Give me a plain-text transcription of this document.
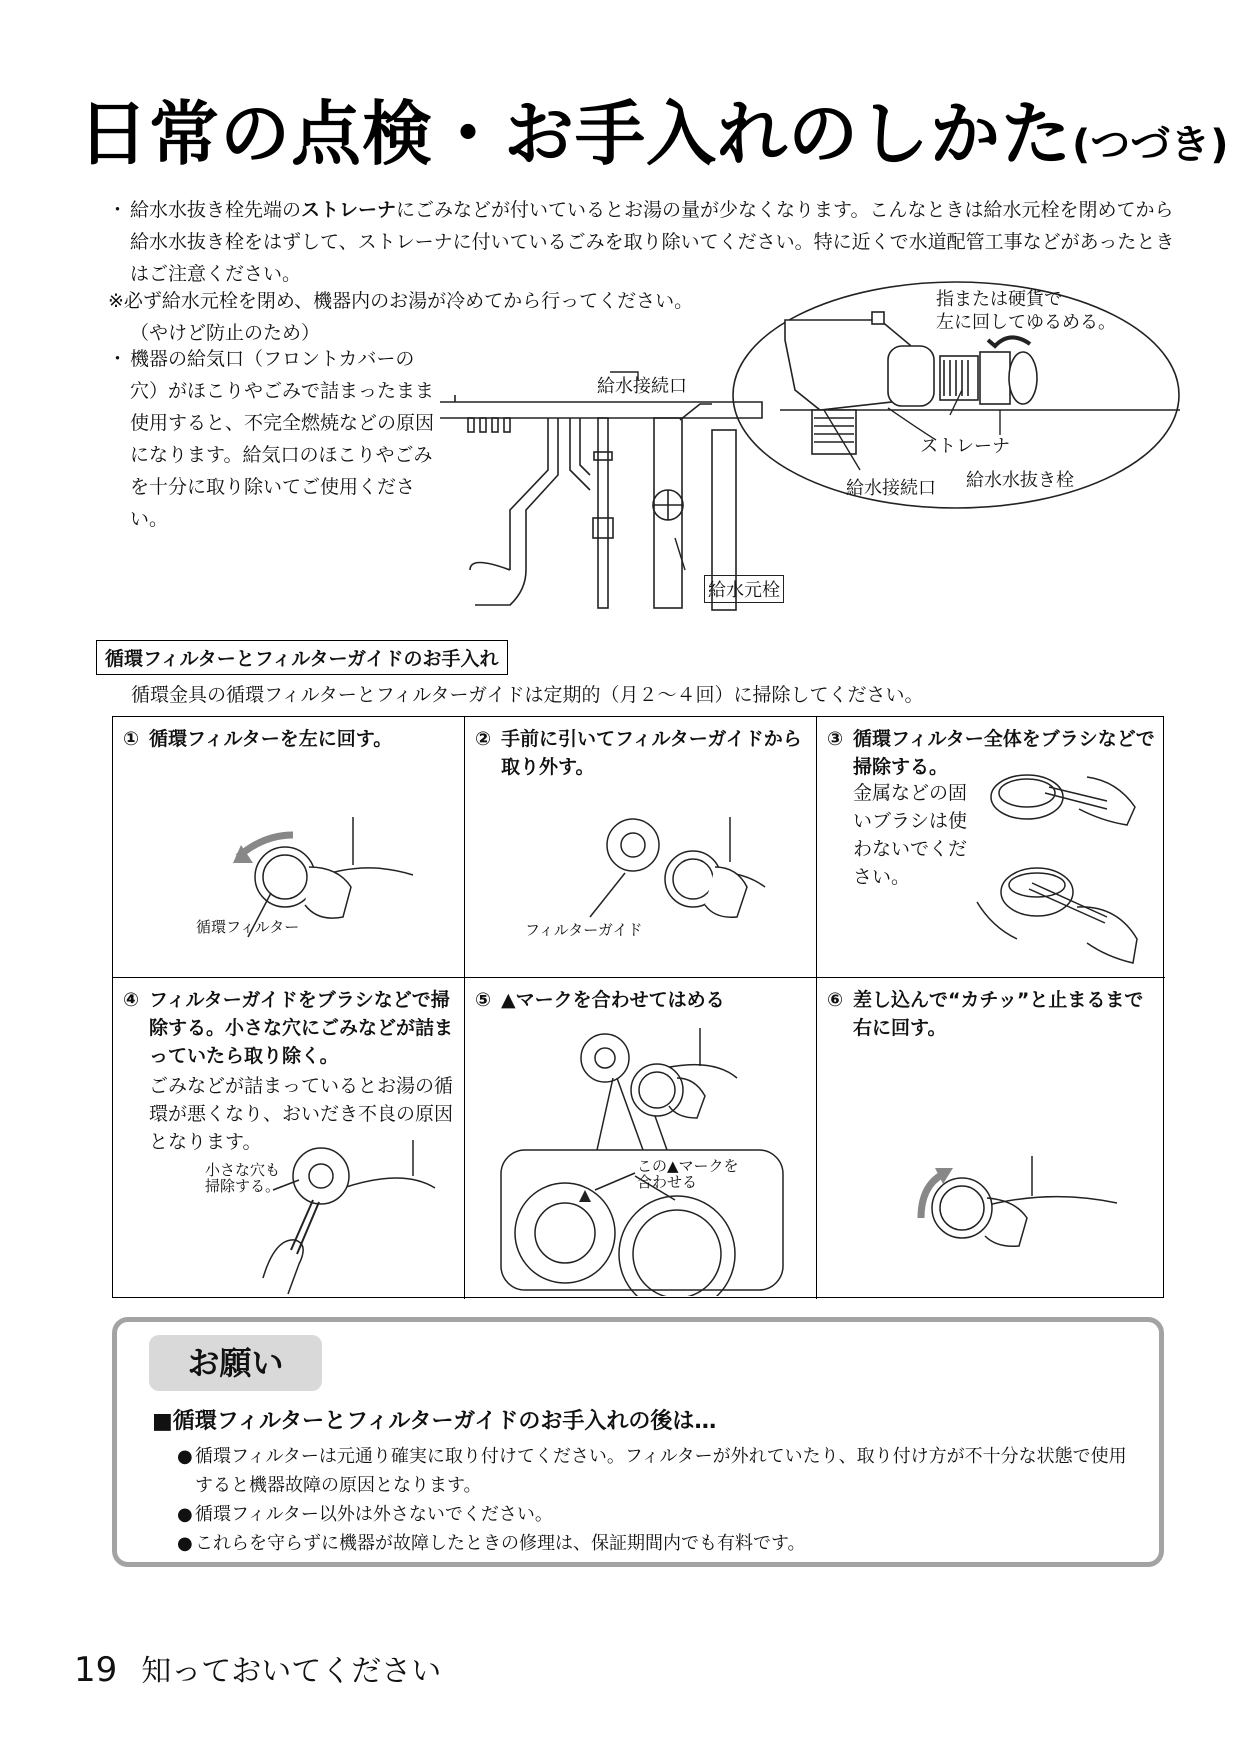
日常の点検・お手入れのしかた(つづき)
・ 給水水抜き栓先端のストレーナにごみなどが付いているとお湯の量が少なくなります。こんなときは給水元栓を閉めてから給水水抜き栓をはずして、ストレーナに付いているごみを取り除いてください。特に近くで水道配管工事などがあったときはご注意ください。
※必ず給水元栓を閉め、機器内のお湯が冷めてから行ってください。
（やけど防止のため）
・ 機器の給気口（フロントカバーの穴）がほこりやごみで詰まったまま使用すると、不完全燃焼などの原因になります。給気口のほこりやごみを十分に取り除いてご使用ください。
給水接続口
給水元栓
指または硬貨で
左に回してゆるめる。
ストレーナ
給水接続口 給水水抜き栓
循環フィルターとフィルターガイドのお手入れ
循環金具の循環フィルターとフィルターガイドは定期的（月２～４回）に掃除してください。
① 循環フィルターを左に回す。
循環フィルター
② 手前に引いてフィルターガイドから取り外す。
フィルターガイド
③ 循環フィルター全体をブラシなどで掃除する。
金属などの固いブラシは使わないでください。
④ フィルターガイドをブラシなどで掃除する。小さな穴にごみなどが詰まっていたら取り除く。
ごみなどが詰まっているとお湯の循環が悪くなり、おいだき不良の原因となります。
小さな穴も
掃除する。
⑤ ▲マークを合わせてはめる
この▲マークを
合わせる
⑥ 差し込んで“カチッ”と止まるまで右に回す。
お願い
■循環フィルターとフィルターガイドのお手入れの後は…
● 循環フィルターは元通り確実に取り付けてください。フィルターが外れていたり、取り付け方が不十分な状態で使用すると機器故障の原因となります。
● 循環フィルター以外は外さないでください。
● これらを守らずに機器が故障したときの修理は、保証期間内でも有料です。
19 知っておいてください
